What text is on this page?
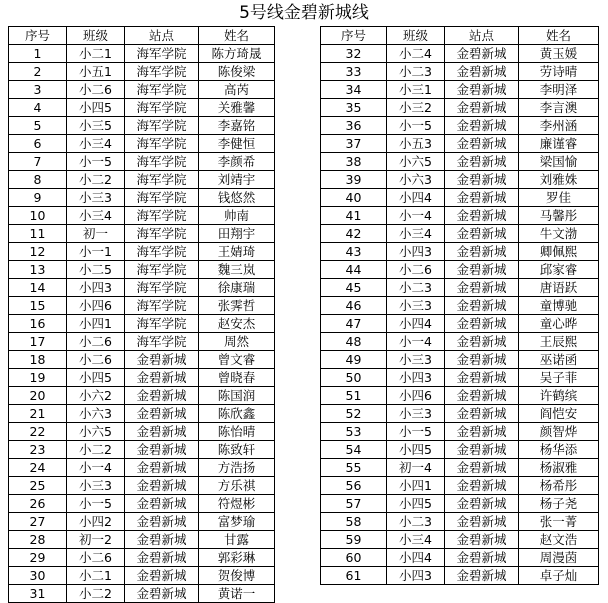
5号线金碧新城线
序号	班级	站点	姓名
1	小二1	海军学院	陈方琦晟
2	小五1	海军学院	陈俊梁
3	小二6	海军学院	高芮
4	小四5	海军学院	关雅馨
5	小三5	海军学院	李嘉铭
6	小三4	海军学院	李健恒
7	小一5	海军学院	李颜希
8	小二2	海军学院	刘靖宇
9	小三3	海军学院	钱悠然
10	小三4	海军学院	帅南
11	初一	海军学院	田翔宇
12	小一1	海军学院	王婧琦
13	小二5	海军学院	魏三岚
14	小四3	海军学院	徐康瑞
15	小四6	海军学院	张霁哲
16	小四1	海军学院	赵安杰
17	小二6	海军学院	周然
18	小二6	金碧新城	曾文睿
19	小四5	金碧新城	曾晓春
20	小六2	金碧新城	陈国润
21	小六3	金碧新城	陈欣鑫
22	小六5	金碧新城	陈怡晴
23	小二2	金碧新城	陈致轩
24	小一4	金碧新城	方浩扬
25	小三3	金碧新城	方乐祺
26	小一5	金碧新城	符煜彬
27	小四2	金碧新城	富梦瑜
28	初一2	金碧新城	甘露
29	小二6	金碧新城	郭彩琳
30	小二1	金碧新城	贺俊博
31	小二2	金碧新城	黄诺一
序号	班级	站点	姓名
32	小二4	金碧新城	黄玉媛
33	小二3	金碧新城	劳诗晴
34	小三1	金碧新城	李明泽
35	小三2	金碧新城	李言澳
36	小一5	金碧新城	李州涵
37	小五3	金碧新城	廉谨睿
38	小六5	金碧新城	梁国愉
39	小六3	金碧新城	刘雅姝
40	小四4	金碧新城	罗佳
41	小一4	金碧新城	马馨彤
42	小三4	金碧新城	牛文渤
43	小四3	金碧新城	卿佩熙
44	小二6	金碧新城	邱家睿
45	小二3	金碧新城	唐语跃
46	小三3	金碧新城	童博驰
47	小四4	金碧新城	童心晔
48	小一4	金碧新城	王辰熙
49	小三3	金碧新城	巫诺函
50	小四3	金碧新城	吴子菲
51	小四6	金碧新城	许鹤缤
52	小三3	金碧新城	阎恺安
53	小一5	金碧新城	颜智烨
54	小四5	金碧新城	杨华添
55	初一4	金碧新城	杨淑雅
56	小四1	金碧新城	杨希彤
57	小四5	金碧新城	杨子尧
58	小二3	金碧新城	张一菁
59	小三4	金碧新城	赵文浩
60	小四4	金碧新城	周漫茵
61	小四3	金碧新城	卓子灿
